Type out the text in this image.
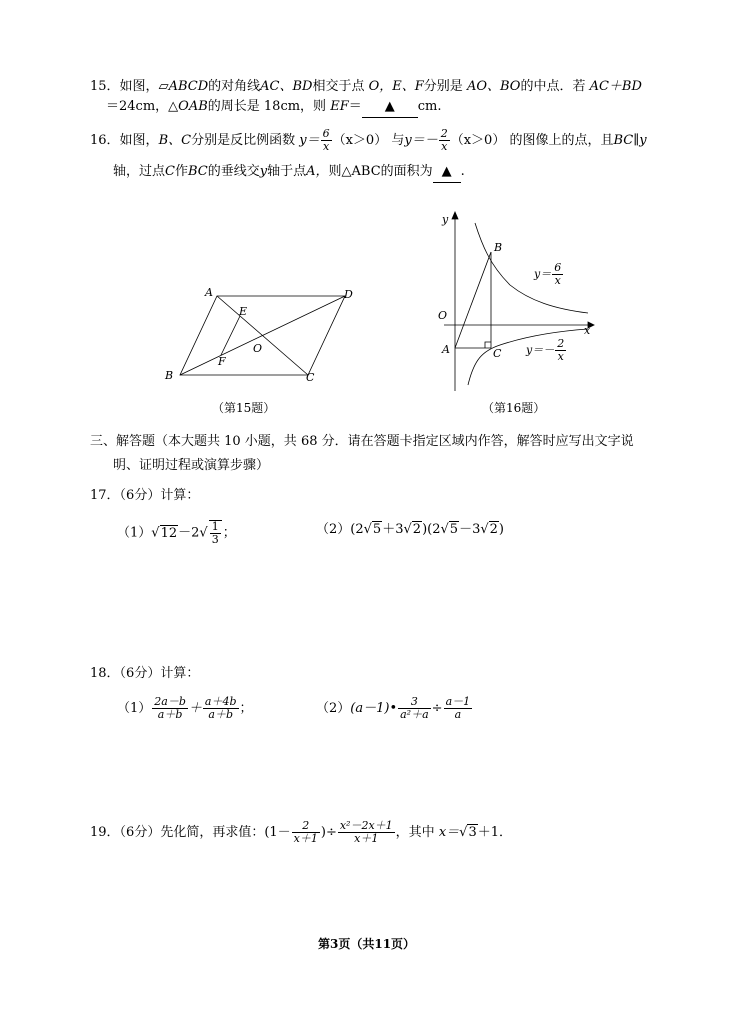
15．如图，▱ABCD的对角线AC、BD相交于点 O，E、F分别是 AO、BO的中点．若 AC＋BD
＝24cm，△OAB的周长是 18cm，则 EF＝ ▲ cm.
16．如图，B、C分别是反比例函数 $y= \frac{6}{x} (x>0)$ 与$y=- \frac{2}{x} (x>0)$ 的图像上的点，且BC∥y
轴，过点C作BC的垂线交y轴于点A，则△ABC的面积为 ▲ .
A	D
E
O
F
B	C
（第15题）
y
B
O
x
A	C
$y= \frac{6}{x}$
$y=- \frac{2}{x}$
（第16题）
三、解答题（本大题共 10 小题，共 68 分．请在答题卡指定区域内作答，解答时应写出文字说
明、证明过程或演算步骤）
17．（6分）计算：
$(1)√12-2√ \frac{1}{3}$ ；	（2）(2√5＋3√2)(2√5－3√2)
18．（6分）计算：
$(1) \frac{2a-b}{a+b} + \frac{a+4b}{a+b}$ ；	（2）(a－1)• $\frac{3}{\text{a²＋a}} \div \frac{a-1}{a}$
19．（6分）先化简，再求值：($1- \frac{2}{x+1}$ )÷ $\frac{\text{x²－2x＋1}}{x+1}$ ，其中 x＝√3＋1．
第3页（共11页）
